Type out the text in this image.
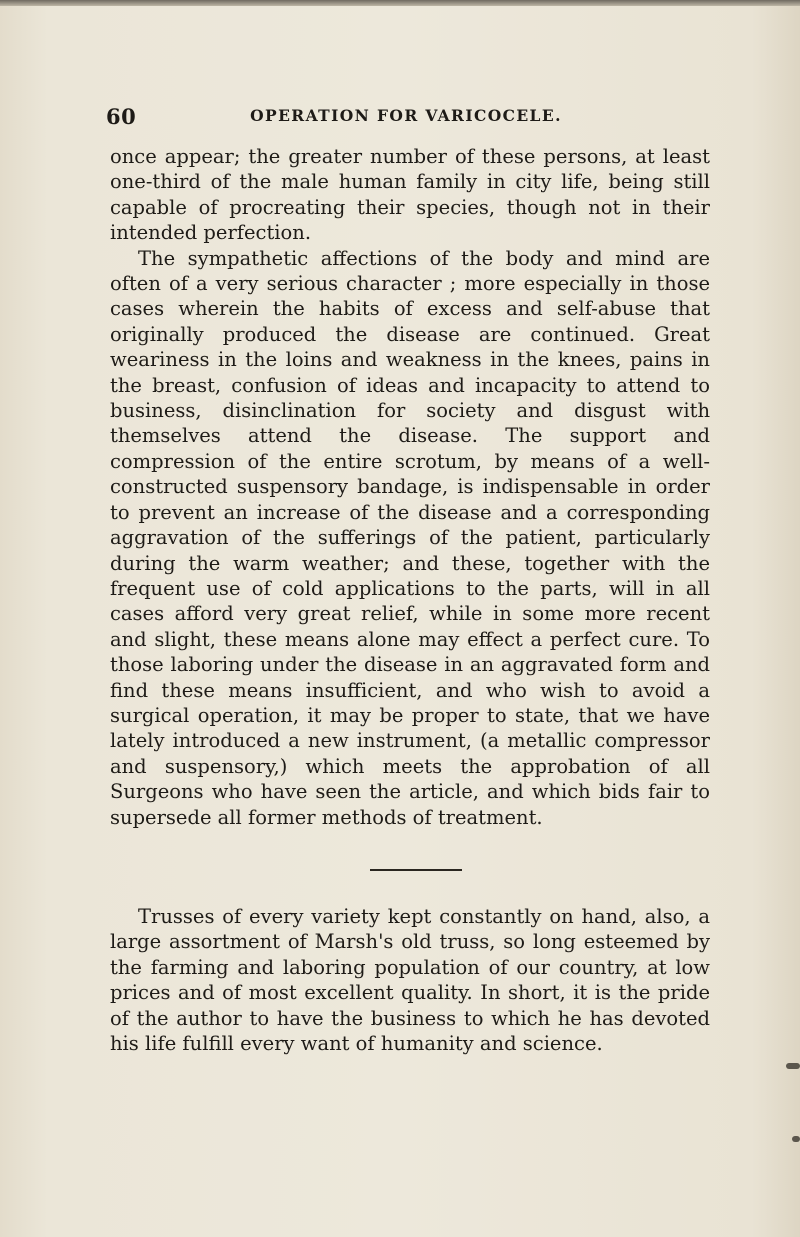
60	OPERATION FOR VARICOCELE.

once appear; the greater number of these persons, at least one-third of the male human family in city life, being still capable of procreating their species, though not in their intended perfection.

The sympathetic affections of the body and mind are often of a very serious character ; more especially in those cases wherein the habits of excess and self-abuse that originally produced the disease are continued. Great weariness in the loins and weakness in the knees, pains in the breast, confusion of ideas and incapacity to attend to business, disinclination for society and disgust with themselves attend the disease. The support and compression of the entire scrotum, by means of a well-constructed suspensory bandage, is indispensable in order to prevent an increase of the disease and a corresponding aggravation of the sufferings of the patient, particularly during the warm weather; and these, together with the frequent use of cold applications to the parts, will in all cases afford very great relief, while in some more recent and slight, these means alone may effect a perfect cure. To those laboring under the disease in an aggravated form and find these means insufficient, and who wish to avoid a surgical operation, it may be proper to state, that we have lately introduced a new instrument, (a metallic compressor and suspensory,) which meets the approbation of all Surgeons who have seen the article, and which bids fair to supersede all former methods of treatment.

Trusses of every variety kept constantly on hand, also, a large assortment of Marsh's old truss, so long esteemed by the farming and laboring population of our country, at low prices and of most excellent quality. In short, it is the pride of the author to have the business to which he has devoted his life fulfill every want of humanity and science.
